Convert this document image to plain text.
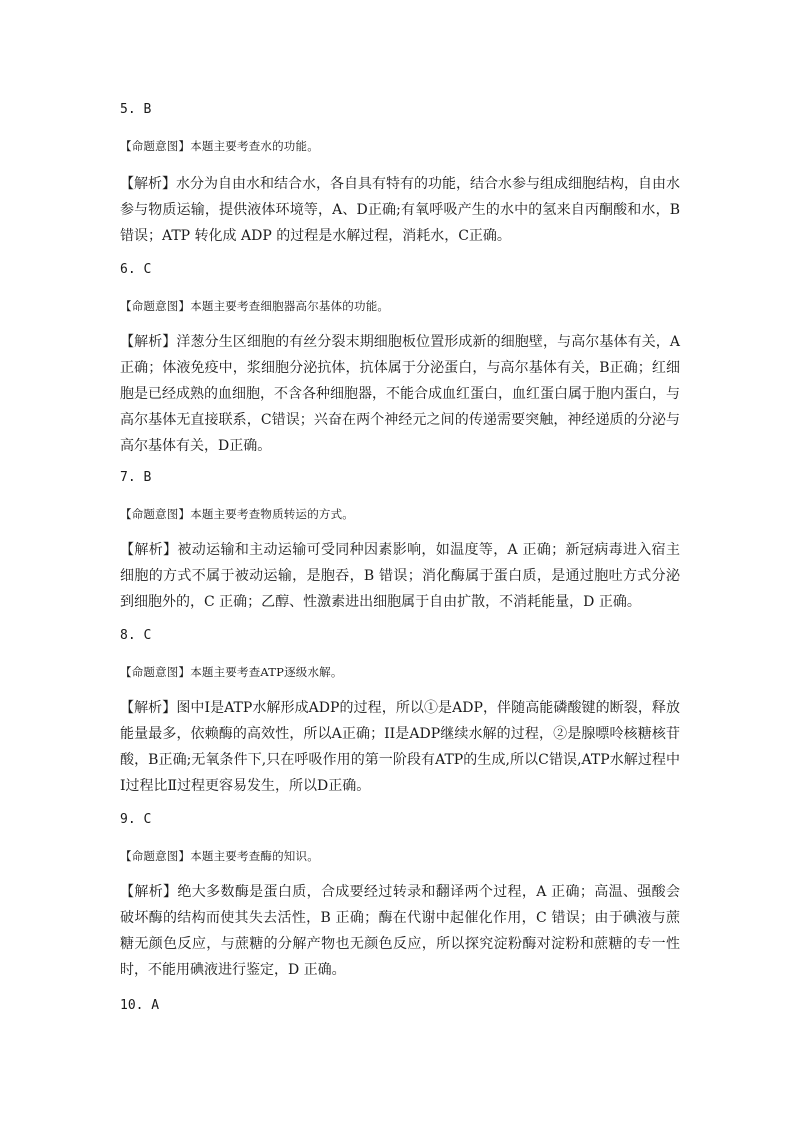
5. B
【命题意图】本题主要考查水的功能。
【解析】水分为自由水和结合水，各自具有特有的功能，结合水参与组成细胞结构，自由水参与物质运输，提供液体环境等，A、D正确;有氧呼吸产生的水中的氢来自丙酮酸和水，B错误；ATP 转化成 ADP 的过程是水解过程，消耗水，C正确。
6. C
【命题意图】本题主要考查细胞器高尔基体的功能。
【解析】洋葱分生区细胞的有丝分裂末期细胞板位置形成新的细胞壁，与高尔基体有关，A正确；体液免疫中，浆细胞分泌抗体，抗体属于分泌蛋白，与高尔基体有关，B正确；红细胞是已经成熟的血细胞，不含各种细胞器，不能合成血红蛋白，血红蛋白属于胞内蛋白，与高尔基体无直接联系，C错误；兴奋在两个神经元之间的传递需要突触，神经递质的分泌与高尔基体有关，D正确。
7. B
【命题意图】本题主要考查物质转运的方式。
【解析】被动运输和主动运输可受同种因素影响，如温度等，A 正确；新冠病毒进入宿主细胞的方式不属于被动运输，是胞吞，B 错误；消化酶属于蛋白质，是通过胞吐方式分泌到细胞外的，C 正确；乙醇、性激素进出细胞属于自由扩散，不消耗能量，D 正确。
8. C
【命题意图】本题主要考查ATP逐级水解。
【解析】图中I是ATP水解形成ADP的过程，所以①是ADP，伴随高能磷酸键的断裂，释放能量最多，依赖酶的高效性，所以A正确；II是ADP继续水解的过程，②是腺嘌呤核糖核苷酸，B正确;无氧条件下,只在呼吸作用的第一阶段有ATP的生成,所以C错误,ATP水解过程中Ⅰ过程比Ⅱ过程更容易发生，所以D正确。
9. C
【命题意图】本题主要考查酶的知识。
【解析】绝大多数酶是蛋白质，合成要经过转录和翻译两个过程，A 正确；高温、强酸会破坏酶的结构而使其失去活性，B 正确；酶在代谢中起催化作用，C 错误；由于碘液与蔗糖无颜色反应，与蔗糖的分解产物也无颜色反应，所以探究淀粉酶对淀粉和蔗糖的专一性时，不能用碘液进行鉴定，D 正确。
10. A
